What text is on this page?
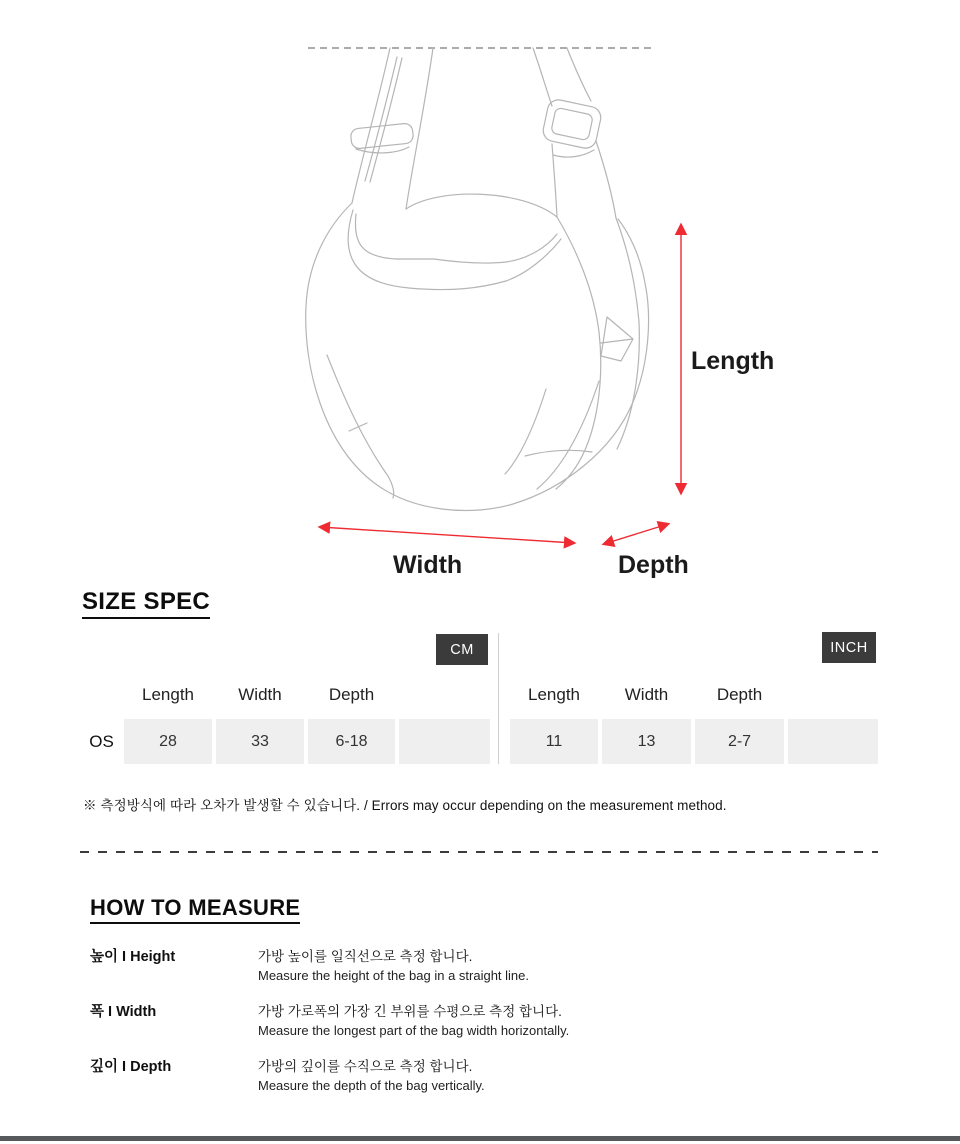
Length
Width	Depth
SIZE SPEC
CM	INCH
Length	Width	Depth
OS	28	33	6-18
Length	Width	Depth
11	13	2-7

※ 측정방식에 따라 오차가 발생할 수 있습니다. / Errors may occur depending on the measurement method.

HOW TO MEASURE
높이 I Height	가방 높이를 일직선으로 측정 합니다.
Measure the height of the bag in a straight line.
폭 I Width	가방 가로폭의 가장 긴 부위를 수평으로 측정 합니다.
Measure the longest part of the bag width horizontally.
깊이 I Depth	가방의 깊이를 수직으로 측정 합니다.
Measure the depth of the bag vertically.
